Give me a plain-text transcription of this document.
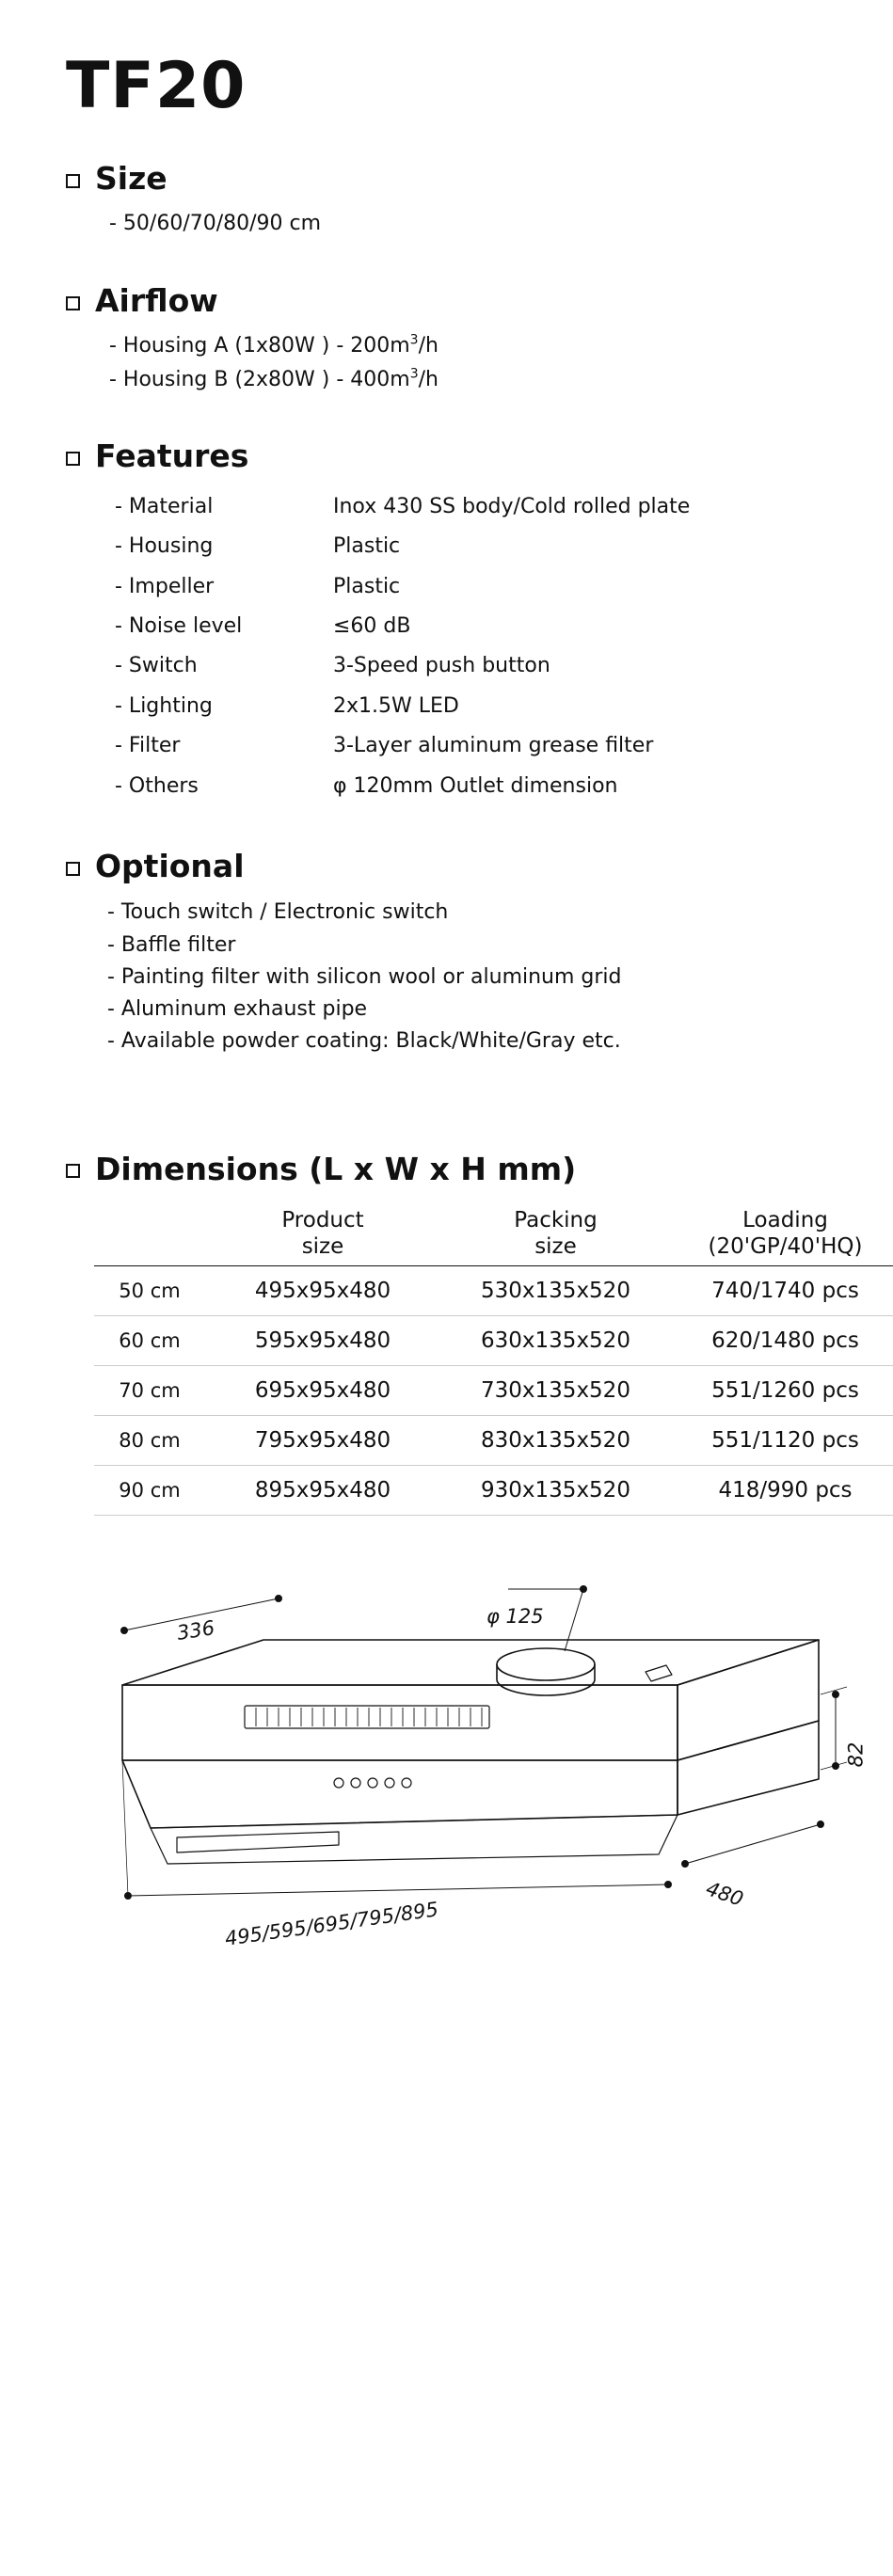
TF20
Size
- 50/60/70/80/90 cm
Airflow
- Housing A (1x80W ) - $200m^3/h$
- Housing B (2x80W ) - $400m^3/h$
Features
- Material	Inox 430 SS body/Cold rolled plate
- Housing	Plastic
- Impeller	Plastic
- Noise level	≤60 dB
- Switch	3-Speed push button
- Lighting	2x1.5W LED
- Filter	3-Layer aluminum grease filter
- Others	φ 120mm Outlet dimension
Optional
- Touch switch / Electronic switch
- Baffle filter
- Painting filter with silicon wool or aluminum grid
- Aluminum exhaust pipe
- Available powder coating: Black/White/Gray etc.
Dimensions (L x W x H mm)

Product
size

Packing
size

Loading
(20'GP/40'HQ)

50 cm	495x95x480	530x135x520	740/1740 pcs
60 cm	595x95x480	630x135x520	620/1480 pcs
70 cm	695x95x480	730x135x520	551/1260 pcs
80 cm	795x95x480	830x135x520	551/1120 pcs
90 cm	895x95x480	930x135x520	418/990 pcs
336
φ 125
82
480
495/595/695/795/895
